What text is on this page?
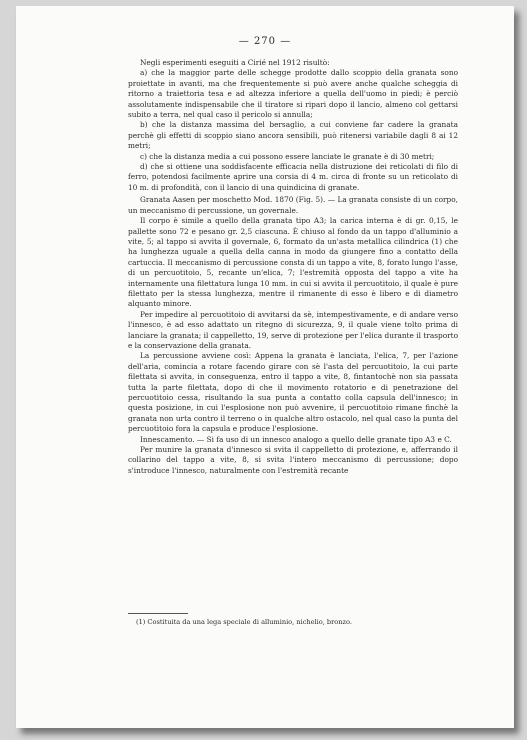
— 270 —

Negli esperimenti eseguiti a Cirié nel 1912 risultò:

a) che la maggior parte delle schegge prodotte dallo scoppio della granata sono proiettate in avanti, ma che frequentemente si può avere anche qualche scheggia di ritorno a traiettoria tesa e ad altezza inferiore a quella dell'uomo in piedi; è perciò assolutamente indispensabile che il tiratore si ripari dopo il lancio, almeno col gettarsi subito a terra, nel qual caso il pericolo si annulla;

b) che la distanza massima del bersaglio, a cui conviene far cadere la granata perchè gli effetti di scoppio siano ancora sensibili, può ritenersi variabile dagli 8 ai 12 metri;

c) che la distanza media a cui possono essere lanciate le granate è di 30 metri;

d) che si ottiene una soddisfacente efficacia nella distruzione dei reticolati di filo di ferro, potendosi facilmente aprire una corsia di 4 m. circa di fronte su un reticolato di 10 m. di profondità, con il lancio di una quindicina di granate.

Granata Aasen per moschetto Mod. 1870 (Fig. 5). — La granata consiste di un corpo, un meccanismo di percussione, un governale.

Il corpo è simile a quello della granata tipo A3; la carica interna è di gr. 0,15, le pallette sono 72 e pesano gr. 2,5 ciascuna. È chiuso al fondo da un tappo d'alluminio a vite, 5; al tappo si avvita il governale, 6, formato da un'asta metallica cilindrica (1) che ha lunghezza uguale a quella della canna in modo da giungere fino a contatto della cartuccia. Il meccanismo di percussione consta di un tappo a vite, 8, forato lungo l'asse, di un percuotitoio, 5, recante un'elica, 7; l'estremità opposta del tappo a vite ha internamente una filettatura lunga 10 mm. in cui si avvita il percuotitoio, il quale è pure filettato per la stessa lunghezza, mentre il rimanente di esso è libero e di diametro alquanto minore.

Per impedire al percuotitoio di avvitarsi da sè, intempestivamente, e di andare verso l'innesco, è ad esso adattato un ritegno di sicurezza, 9, il quale viene tolto prima di lanciare la granata; il cappelletto, 19, serve di protezione per l'elica durante il trasporto e la conservazione della granata.

La percussione avviene così: Appena la granata è lanciata, l'elica, 7, per l'azione dell'aria, comincia a rotare facendo girare con sè l'asta del percuotitoio, la cui parte filettata si avvita, in conseguenza, entro il tappo a vite, 8, fintantochè non sia passata tutta la parte filettata, dopo di che il movimento rotatorio e di penetrazione del percuotitoio cessa, risultando la sua punta a contatto colla capsula dell'innesco; in questa posizione, in cui l'esplosione non può avvenire, il percuotitoio rimane finchè la granata non urta contro il terreno o in qualche altro ostacolo, nel qual caso la punta del percuotitoio fora la capsula e produce l'esplosione.

Innescamento. — Si fa uso di un innesco analogo a quello delle granate tipo A3 e C.

Per munire la granata d'innesco si svita il cappelletto di protezione, e, afferrando il collarino del tappo a vite, 8, si svita l'intero meccanismo di percussione; dopo s'introduce l'innesco, naturalmente con l'estremità recante

(1) Costituita da una lega speciale di alluminio, nichelio, bronzo.
